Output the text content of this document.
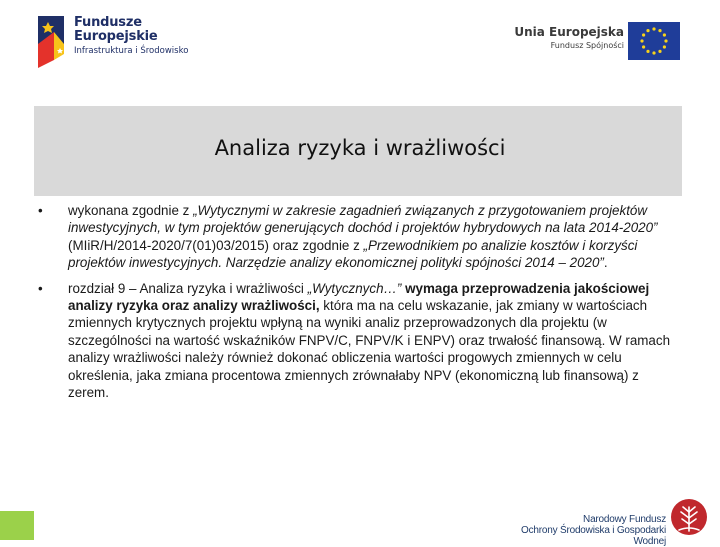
Fundusze
Europejskie
Infrastruktura i Środowisko
Unia Europejska
Fundusz Spójności
Analiza ryzyka i wrażliwości
•	wykonana zgodnie z „Wytycznymi w zakresie zagadnień związanych z przygotowaniem projektów inwestycyjnych, w tym projektów generujących dochód i projektów hybrydowych na lata 2014-2020” (MIiR/H/2014-2020/7(01)03/2015) oraz zgodnie z „Przewodnikiem po analizie kosztów i korzyści projektów inwestycyjnych. Narzędzie analizy ekonomicznej polityki spójności 2014 – 2020”.
•	rozdział 9 – Analiza ryzyka i wrażliwości „Wytycznych…” wymaga przeprowadzenia jakościowej analizy ryzyka oraz analizy wrażliwości, która ma na celu wskazanie, jak zmiany w wartościach zmiennych krytycznych projektu wpłyną na wyniki analiz przeprowadzonych dla projektu (w szczególności na wartość wskaźników FNPV/C, FNPV/K i ENPV) oraz trwałość finansową. W ramach analizy wrażliwości należy również dokonać obliczenia wartości progowych zmiennych w celu określenia, jaka zmiana procentowa zmiennych zrównałaby NPV (ekonomiczną lub finansową) z zerem.
Narodowy Fundusz
Ochrony Środowiska i Gospodarki Wodnej
